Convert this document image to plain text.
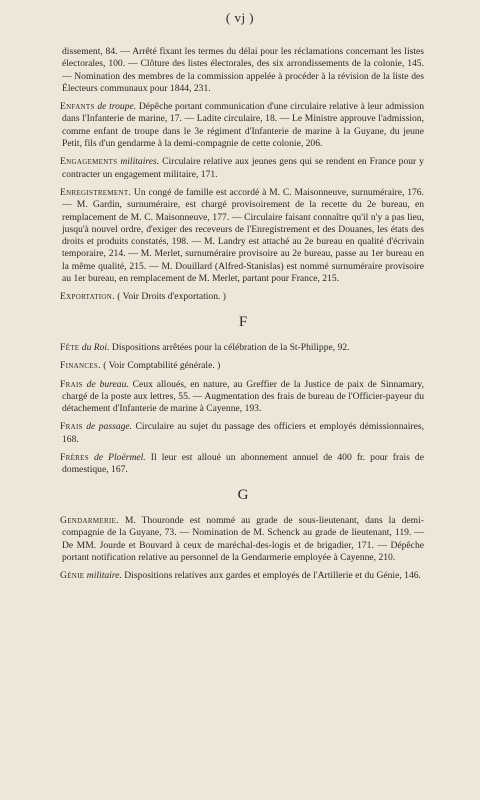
( vj )

dissement, 84. — Arrêté fixant les termes du délai pour les réclamations concernant les listes électorales, 100. — Clôture des listes électorales, des six arrondissements de la colonie, 145. — Nomination des membres de la commission appelée à procéder à la révision de la liste des Électeurs communaux pour 1844, 231.

Enfants de troupe. Dépêche portant communication d'une circulaire relative à leur admission dans l'Infanterie de marine, 17. — Ladite circulaire, 18. — Le Ministre approuve l'admission, comme enfant de troupe dans le 3e régiment d'Infanterie de marine à la Guyane, du jeune Petit, fils d'un gendarme à la demi-compagnie de cette colonie, 206.

Engagements militaires. Circulaire relative aux jeunes gens qui se rendent en France pour y contracter un engagement militaire, 171.

Enregistrement. Un congé de famille est accordé à M. C. Maisonneuve, surnuméraire, 176. — M. Gardin, surnuméraire, est chargé provisoirement de la recette du 2e bureau, en remplacement de M. C. Maisonneuve, 177. — Circulaire faisant connaître qu'il n'y a pas lieu, jusqu'à nouvel ordre, d'exiger des receveurs de l'Enregistrement et des Douanes, les états des droits et produits constatés, 198. — M. Landry est attaché au 2e bureau en qualité d'écrivain temporaire, 214. — M. Merlet, surnuméraire provisoire au 2e bureau, passe au 1er bureau en la même qualité, 215. — M. Douillard (Alfred-Stanislas) est nommé surnuméraire provisoire au 1er bureau, en remplacement de M. Merlet, partant pour France, 215.

Exportation. ( Voir Droits d'exportation. )

F

Fête du Roi. Dispositions arrêtées pour la célébration de la St-Philippe, 92.

Finances. ( Voir Comptabilité générale. )

Frais de bureau. Ceux alloués, en nature, au Greffier de la Justice de paix de Sinnamary, chargé de la poste aux lettres, 55. — Augmentation des frais de bureau de l'Officier-payeur du détachement d'Infanterie de marine à Cayenne, 193.

Frais de passage. Circulaire au sujet du passage des officiers et employés démissionnaires, 168.

Frères de Ploërmel. Il leur est alloué un abonnement annuel de 400 fr. pour frais de domestique, 167.

G

Gendarmerie. M. Thouronde est nommé au grade de sous-lieutenant, dans la demi-compagnie de la Guyane, 73. — Nomination de M. Schenck au grade de lieutenant, 119. — De MM. Jourde et Bouvard à ceux de maréchal-des-logis et de brigadier, 171. — Dépêche portant notification relative au personnel de la Gendarmerie employée à Cayenne, 210.

Génie militaire. Dispositions relatives aux gardes et employés de l'Artillerie et du Génie, 146.
